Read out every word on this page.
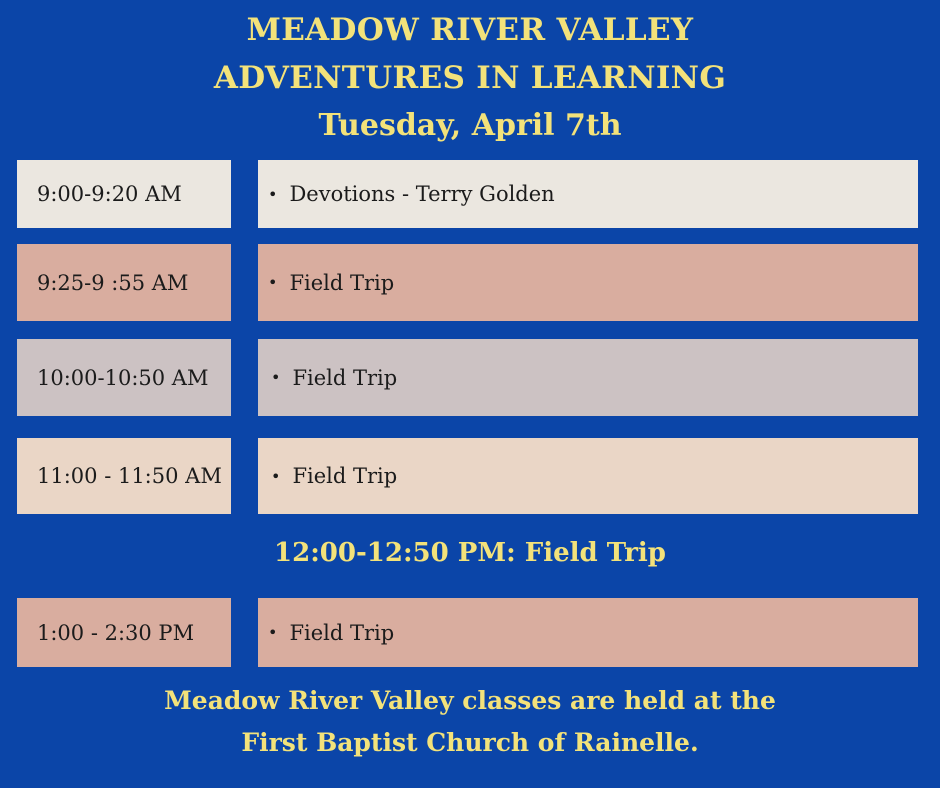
MEADOW RIVER VALLEY
ADVENTURES IN LEARNING
Tuesday, April 7th
9:00-9:20 AM	• Devotions - Terry Golden
9:25-9 :55 AM	• Field Trip
10:00-10:50 AM	• Field Trip
11:00 - 11:50 AM	• Field Trip
12:00-12:50 PM: Field Trip
1:00 - 2:30 PM	• Field Trip
Meadow River Valley classes are held at the
First Baptist Church of Rainelle.
